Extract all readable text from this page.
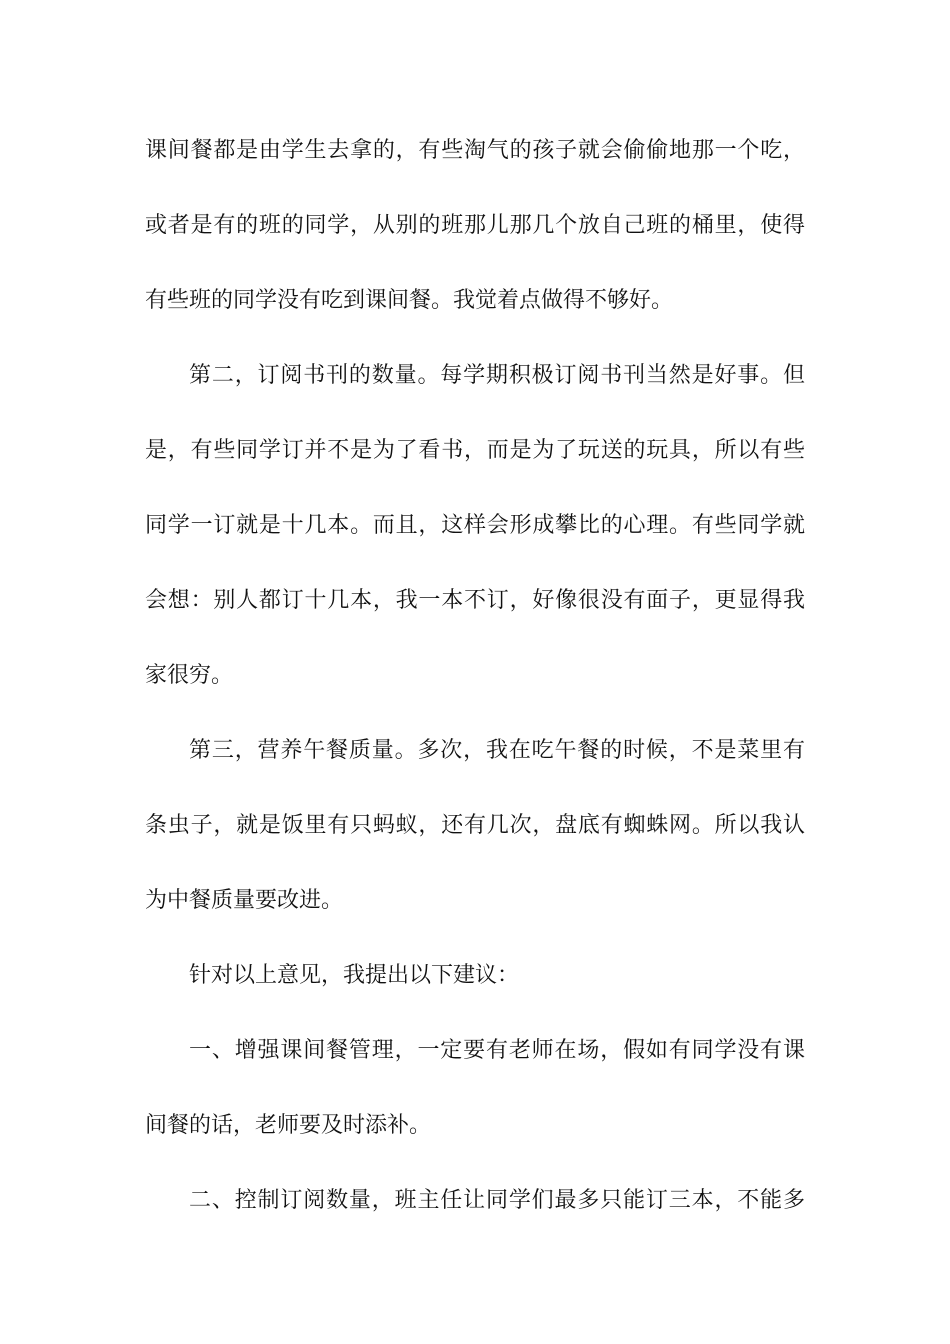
课间餐都是由学生去拿的，有些淘气的孩子就会偷偷地那一个吃，

或者是有的班的同学，从别的班那儿那几个放自己班的桶里，使得

有些班的同学没有吃到课间餐。我觉着点做得不够好。

第二，订阅书刊的数量。每学期积极订阅书刊当然是好事。但

是，有些同学订并不是为了看书，而是为了玩送的玩具，所以有些

同学一订就是十几本。而且，这样会形成攀比的心理。有些同学就

会想：别人都订十几本，我一本不订，好像很没有面子，更显得我

家很穷。

第三，营养午餐质量。多次，我在吃午餐的时候，不是菜里有

条虫子，就是饭里有只蚂蚁，还有几次，盘底有蜘蛛网。所以我认

为中餐质量要改进。

针对以上意见，我提出以下建议：

一、增强课间餐管理，一定要有老师在场，假如有同学没有课

间餐的话，老师要及时添补。

二、控制订阅数量，班主任让同学们最多只能订三本，不能多
